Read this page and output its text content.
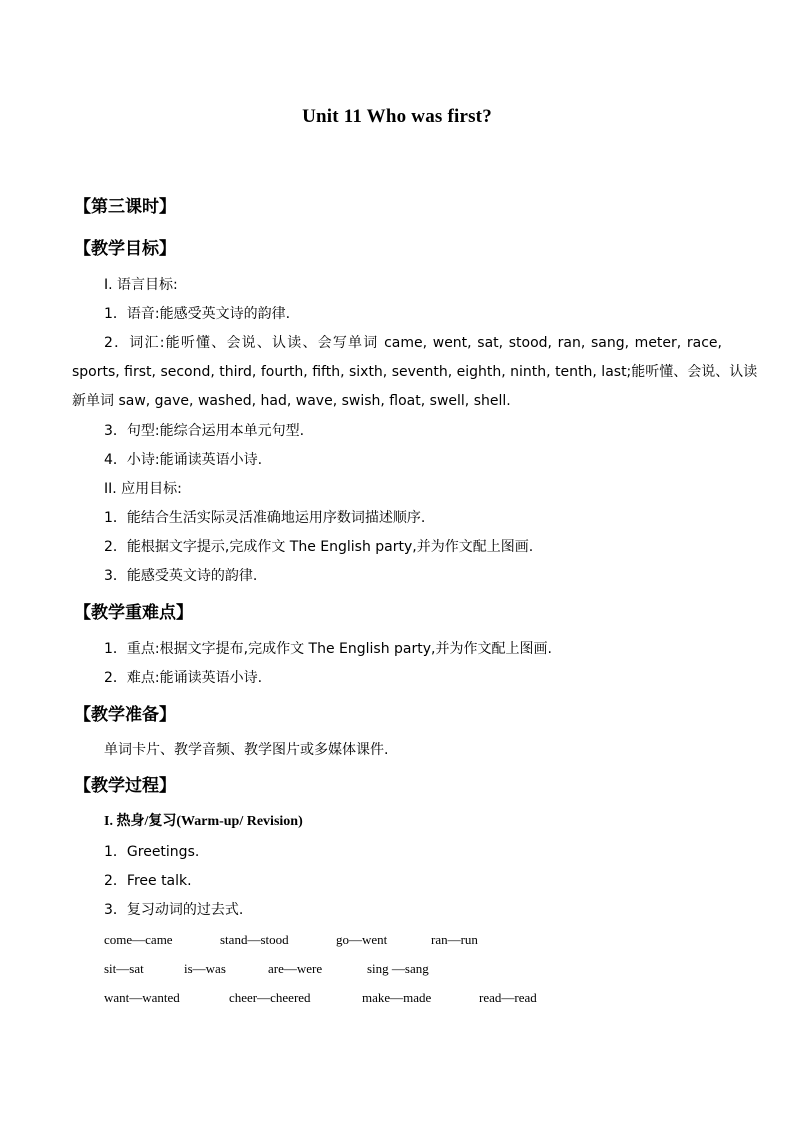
Unit 11 Who was first?
【第三课时】
【教学目标】
I. 语言目标:
1．语音:能感受英文诗的韵律.
2．词汇:能听懂、会说、认读、会写单词 came, went, sat, stood, ran, sang, meter, race,
sports, first, second, third, fourth, fifth, sixth, seventh, eighth, ninth, tenth, last;能听懂、会说、认读
新单词 saw, gave, washed, had, wave, swish, float, swell, shell.
3．句型:能综合运用本单元句型.
4．小诗:能诵读英语小诗.
II. 应用目标:
1．能结合生活实际灵活准确地运用序数词描述顺序.
2．能根据文字提示,完成作文 The English party,并为作文配上图画.
3．能感受英文诗的韵律.
【教学重难点】
1．重点:根据文字提布,完成作文 The English party,并为作文配上图画.
2．难点:能诵读英语小诗.
【教学准备】
单词卡片、教学音频、教学图片或多媒体课件.
【教学过程】
I. 热身/复习(Warm-up/ Revision)
1．Greetings.
2．Free talk.
3．复习动词的过去式.
come—came	stand—stood	go—went	ran—run
sit—sat	is—was	are—were	sing —sang
want—wanted	cheer—cheered	make—made	read—read
